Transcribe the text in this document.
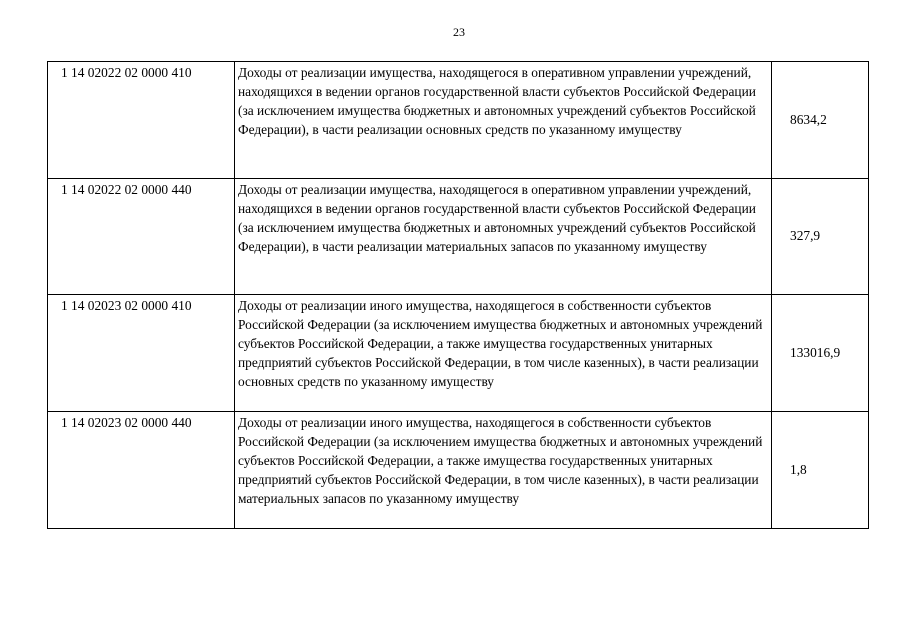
23
1 14 02022 02 0000 410	Доходы от реализации имущества, находящегося в оперативном управлении учреждений, находящихся в ведении органов государственной власти субъектов Российской Федерации (за исключением имущества бюджетных и автономных учреждений субъектов Российской Федерации), в части реализации основных средств по указанному имуществу	8634,2
1 14 02022 02 0000 440	Доходы от реализации имущества, находящегося в оперативном управлении учреждений, находящихся в ведении органов государственной власти субъектов Российской Федерации (за исключением имущества бюджетных и автономных учреждений субъектов Российской Федерации), в части реализации материальных запасов по указанному имуществу	327,9
1 14 02023 02 0000 410	Доходы от реализации иного имущества, находящегося в собственности субъектов Российской Федерации (за исключением имущества бюджетных и автономных учреждений субъектов Российской Федерации, а также имущества государственных унитарных предприятий субъектов Российской Федерации, в том числе казенных), в части реализации основных средств по указанному имуществу	133016,9
1 14 02023 02 0000 440	Доходы от реализации иного имущества, находящегося в собственности субъектов Российской Федерации (за исключением имущества бюджетных и автономных учреждений субъектов Российской Федерации, а также имущества государственных унитарных предприятий субъектов Российской Федерации, в том числе казенных), в части реализации материальных запасов по указанному имуществу	1,8
